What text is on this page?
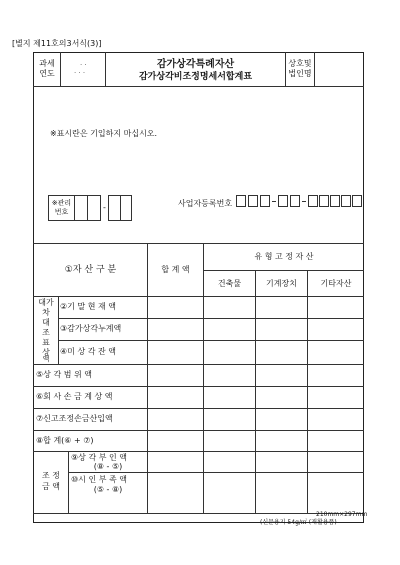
[별지 제11호의3서식(3)]
과세
연도
· ·
· · ·
감가상각특례자산
감가상각비조정명세서합계표
상호및
법인명
※표시란은 기입하지 마십시오.
※관리
번호	-	사업자등록번호
①자 산 구 분	합 계 액
유 형 고 정 자 산
건축물	기계장치	기타자산
대가
차
대
조
표
상
액
②기 말 현 재 액
③감가상각누계액
④미 상 각 잔 액
⑤상 각 범 위 액
⑥회 사 손 금 계 상 액
⑦신고조정손금산입액
⑧합 계(⑥ + ⑦)
조 정
금 액
⑨상 각 부 인 액
(⑧ - ⑤)
⑩시 인 부 족 액
(⑤ - ⑧)
210mm×297mm
(신문용지 54g/㎡ (재활용품)
